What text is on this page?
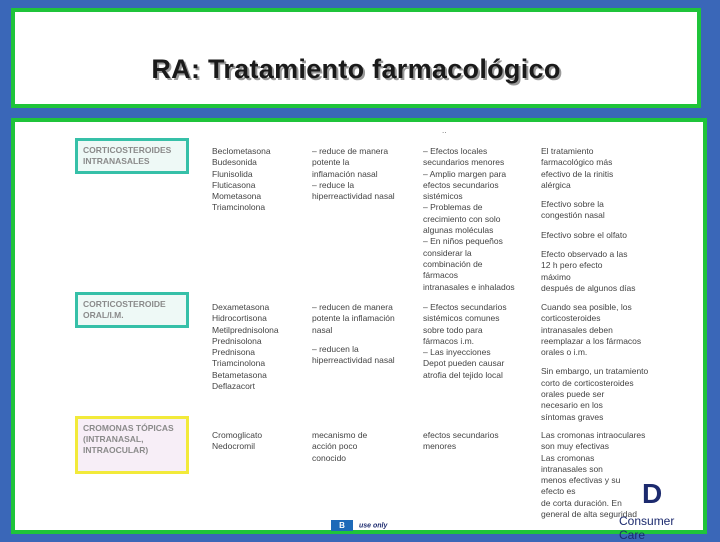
RA: Tratamiento farmacológico
..
CORTICOSTEROIDES
INTRANASALES
Beclometasona
Budesonida
Flunisolida
Fluticasona
Mometasona
Triamcinolona
– reduce de manera
potente la
inflamación nasal
– reduce la
hiperreactividad nasal
– Efectos locales
secundarios menores
– Amplio margen para
efectos secundarios
sistémicos
– Problemas de
crecimiento con solo
algunas moléculas
– En niños pequeños
considerar la
combinación de
fármacos
intranasales e inhalados
El tratamiento
farmacológico más
efectivo de la rinitis
alérgica
Efectivo sobre la
congestión nasal
Efectivo sobre el olfato
Efecto observado a las
12 h pero efecto
máximo
después de algunos días
CORTICOSTEROIDE
ORAL/I.M.
Dexametasona
Hidrocortisona
Metilprednisolona
Prednisolona
Prednisona
Triamcinolona
Betametasona
Deflazacort
– reducen de manera
potente la inflamación
nasal
– reducen la
hiperreactividad nasal
– Efectos secundarios
sistémicos comunes
sobre todo para
fármacos i.m.
– Las inyecciones
Depot pueden causar
atrofia del tejido local
Cuando sea posible, los
corticosteroides
intranasales deben
reemplazar a los fármacos
orales o i.m.
Sin embargo, un tratamiento
corto de corticosteroides
orales puede ser
necesario en los
síntomas graves
CROMONAS TÓPICAS
(INTRANASAL,
INTRAOCULAR)
Cromoglicato
Nedocromil
mecanismo de
acción poco
conocido
efectos secundarios
menores
Las cromonas intraoculares
son muy efectivas
Las cromonas
intranasales son
menos efectivas y su
efecto es
de corta duración. En
general de alta seguridad
D
Consumer Care
B use only
